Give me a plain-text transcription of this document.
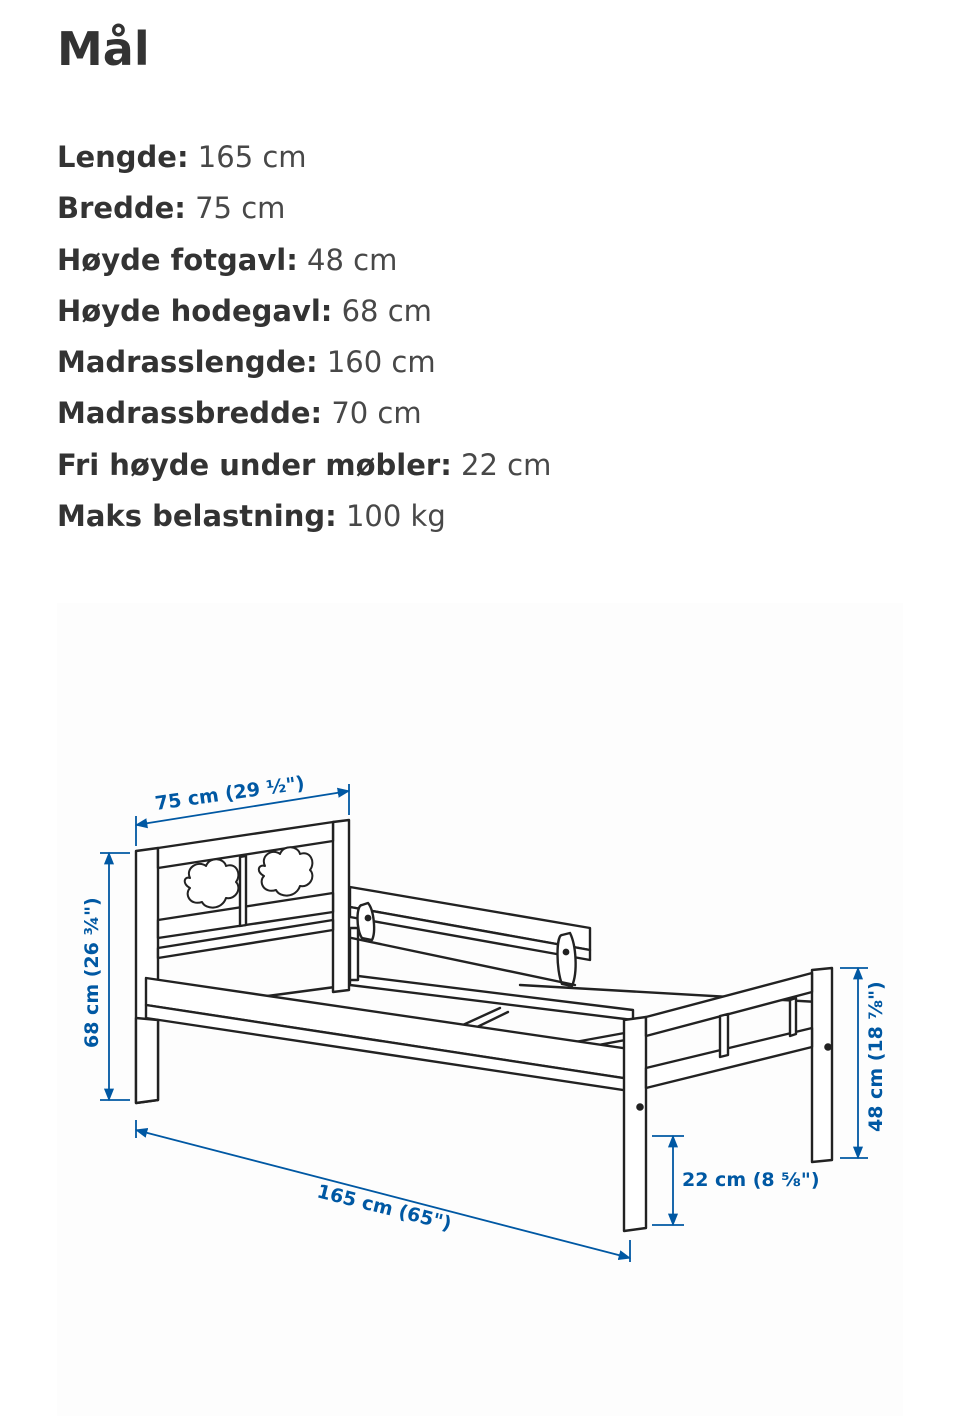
Mål
Lengde: 165 cm
Bredde: 75 cm
Høyde fotgavl: 48 cm
Høyde hodegavl: 68 cm
Madrasslengde: 160 cm
Madrassbredde: 70 cm
Fri høyde under møbler: 22 cm
Maks belastning: 100 kg
75 cm (29 ½")
68 cm (26 ¾")
165 cm (65")
48 cm (18 ⅞")
22 cm (8 ⅝")
